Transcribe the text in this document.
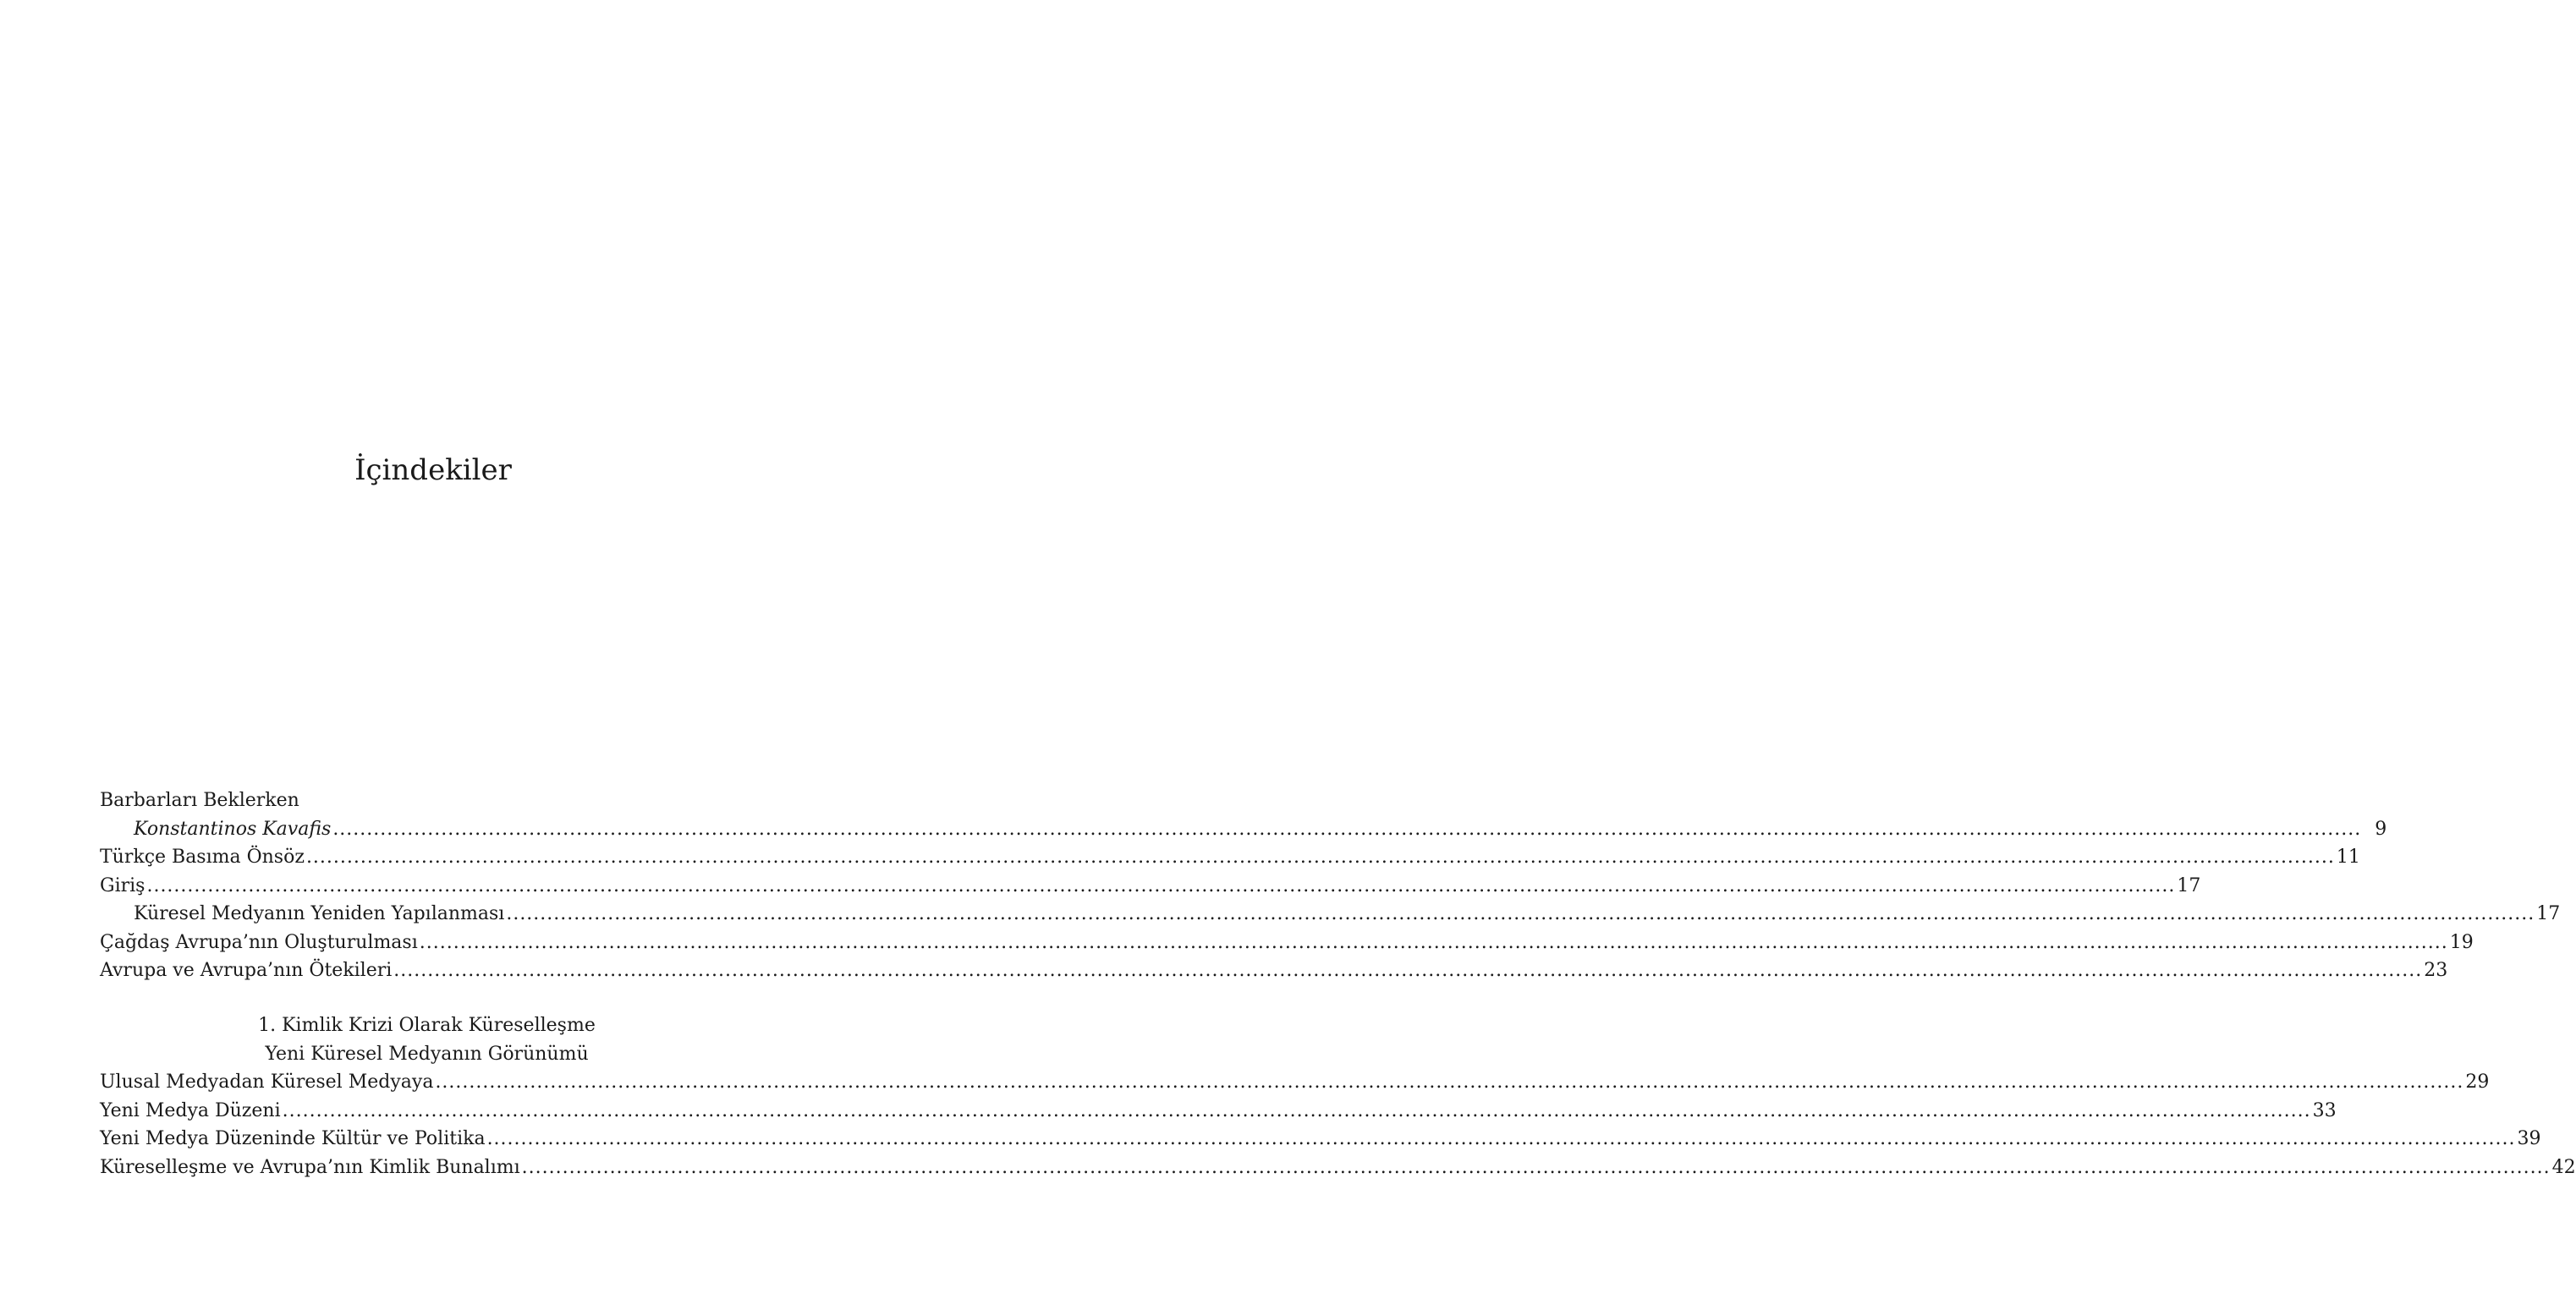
İçindekiler
Barbarları Beklerken
Konstantinos Kavafis ............................................................................................................................................................................................................................................................................................................ 9
Türkçe Basıma Önsöz ............................................................................................................................................................................................................................................................................................................ 11
Giriş ............................................................................................................................................................................................................................................................................................................ 17
Küresel Medyanın Yeniden Yapılanması ............................................................................................................................................................................................................................................................................................................ 17
Çağdaş Avrupa’nın Oluşturulması ............................................................................................................................................................................................................................................................................................................ 19
Avrupa ve Avrupa’nın Ötekileri ............................................................................................................................................................................................................................................................................................................ 23
1. Kimlik Krizi Olarak Küreselleşme
Yeni Küresel Medyanın Görünümü
Ulusal Medyadan Küresel Medyaya ............................................................................................................................................................................................................................................................................................................ 29
Yeni Medya Düzeni ............................................................................................................................................................................................................................................................................................................ 33
Yeni Medya Düzeninde Kültür ve Politika ............................................................................................................................................................................................................................................................................................................ 39
Küreselleşme ve Avrupa’nın Kimlik Bunalımı ............................................................................................................................................................................................................................................................................................................ 42
